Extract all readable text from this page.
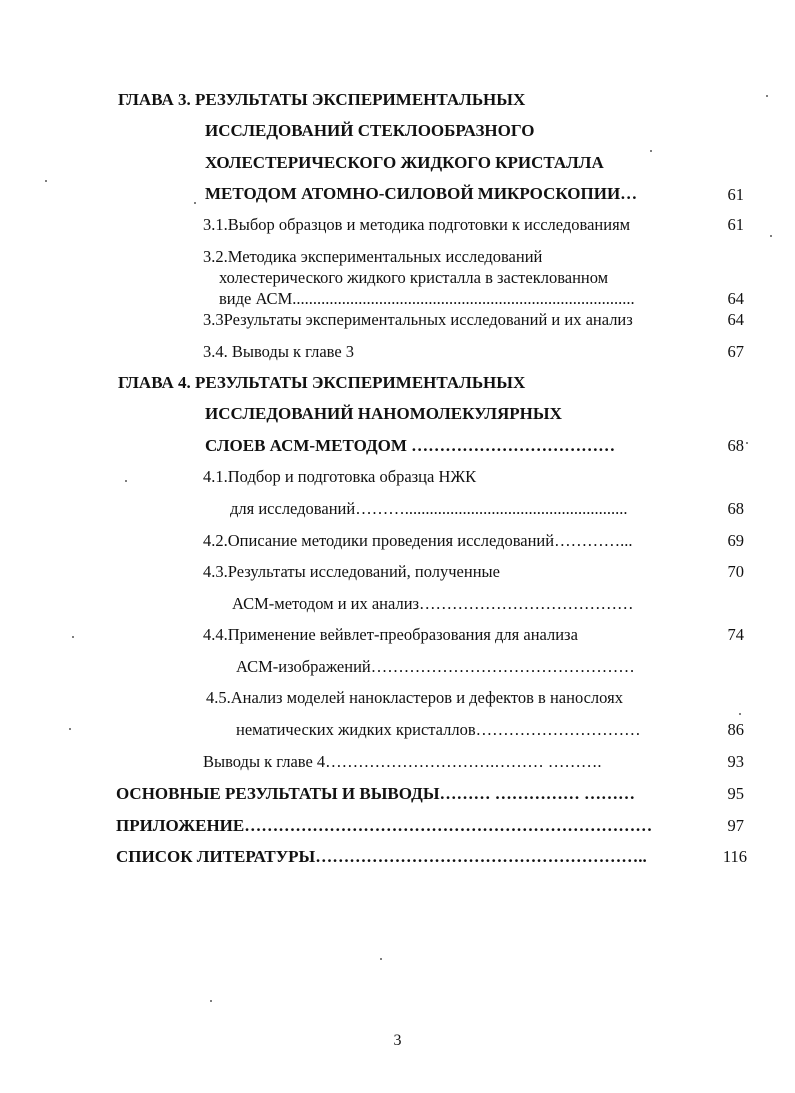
ГЛАВА 3. РЕЗУЛЬТАТЫ ЭКСПЕРИМЕНТАЛЬНЫХ
ИССЛЕДОВАНИЙ СТЕКЛООБРАЗНОГО
ХОЛЕСТЕРИЧЕСКОГО ЖИДКОГО КРИСТАЛЛА
МЕТОДОМ АТОМНО-СИЛОВОЙ МИКРОСКОПИИ…	61
3.1.Выбор образцов и методика подготовки к исследованиям	61
3.2.Методика экспериментальных исследований
холестерического жидкого кристалла в застеклованном
виде АСМ...................................................................................	64
3.3Результаты экспериментальных исследований и их анализ	64
3.4. Выводы к главе 3	67
ГЛАВА 4. РЕЗУЛЬТАТЫ ЭКСПЕРИМЕНТАЛЬНЫХ
ИССЛЕДОВАНИЙ НАНОМОЛЕКУЛЯРНЫХ
СЛОЕВ АСМ-МЕТОДОМ ………………………………	68
4.1.Подбор и подготовка образца НЖК
для исследований………......................................................	68
4.2.Описание методики проведения исследований…………...	69
4.3.Результаты исследований, полученные	70
АСМ-методом и их анализ…………………………………
4.4.Применение вейвлет-преобразования для анализа	74
АСМ-изображений…………………………………………
4.5.Анализ моделей нанокластеров и дефектов в нанослоях
нематических жидких кристаллов…………………………	86
Выводы к главе 4………………………….……… ……….	93
ОСНОВНЫЕ РЕЗУЛЬТАТЫ И ВЫВОДЫ……… …………… ………	95
ПРИЛОЖЕНИЕ………………………………………………………………	97
СПИСОК ЛИТЕРАТУРЫ…………………………………………………..	116
3
